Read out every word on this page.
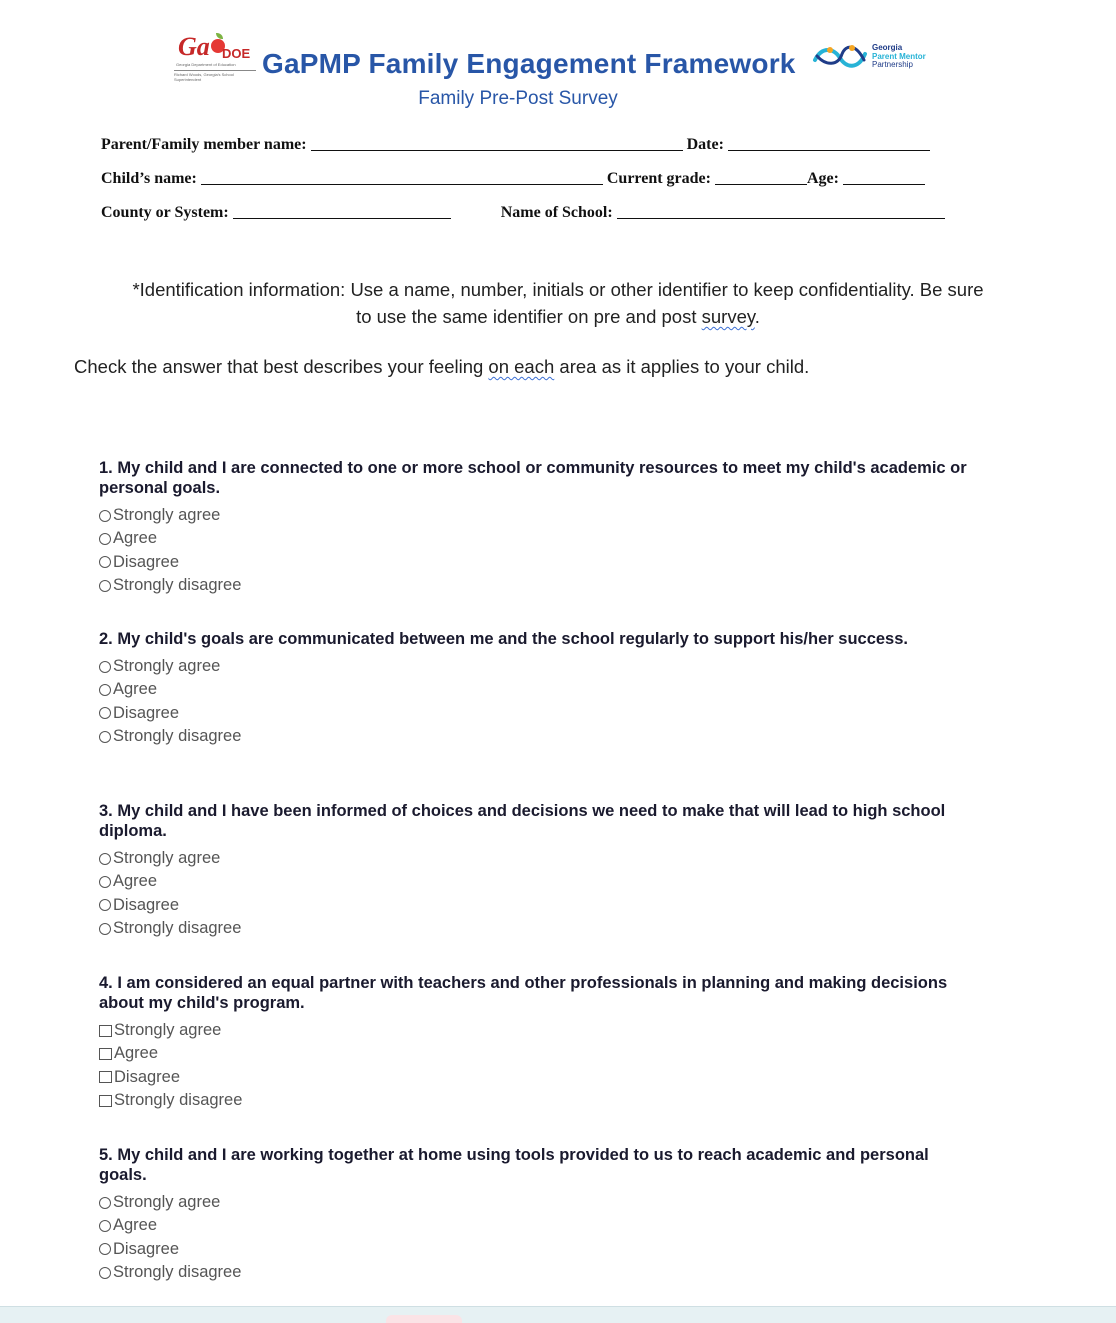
Ga DOE
Georgia Department of Education
Richard Woods, Georgia's School Superintendent
GaPMP Family Engagement Framework
Family Pre-Post Survey
Georgia
Parent Mentor
Partnership
Parent/Family member name:	Date:
Child’s name:	Current grade:	Age:
County or System:	Name of School:
*Identification information: Use a name, number, initials or other identifier to keep confidentiality. Be sure
to use the same identifier on pre and post survey.
Check the answer that best describes your feeling on each area as it applies to your child.
1. My child and I are connected to one or more school or community resources to meet my child's academic or personal goals.
Strongly agree
Agree
Disagree
Strongly disagree
2. My child's goals are communicated between me and the school regularly to support his/her success.
Strongly agree
Agree
Disagree
Strongly disagree
3. My child and I have been informed of choices and decisions we need to make that will lead to high school diploma.
Strongly agree
Agree
Disagree
Strongly disagree
4. I am considered an equal partner with teachers and other professionals in planning and making decisions about my child's program.
Strongly agree
Agree
Disagree
Strongly disagree
5. My child and I are working together at home using tools provided to us to reach academic and personal goals.
Strongly agree
Agree
Disagree
Strongly disagree
